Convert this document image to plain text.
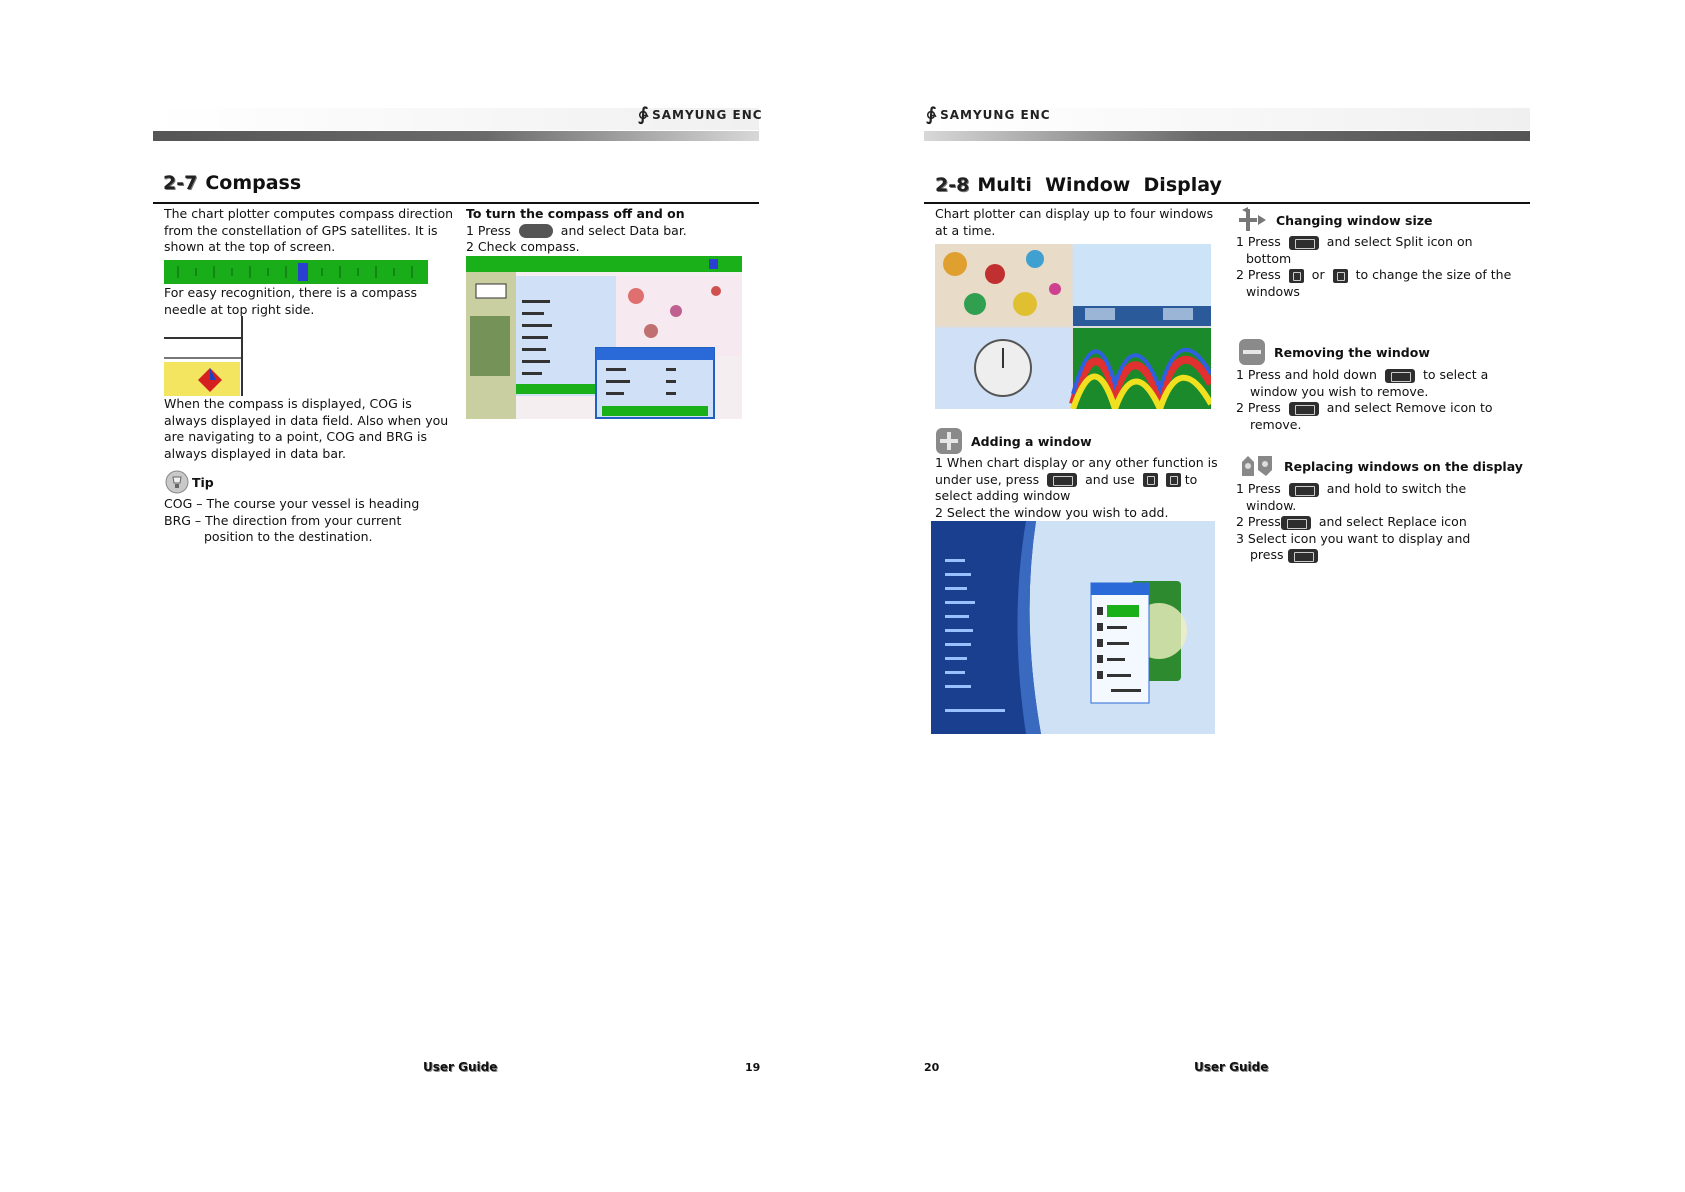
∳ SAMYUNG ENC
2-7 Compass
The chart plotter computes compass direction
from the constellation of GPS satellites. It is
shown at the top of screen.
For easy recognition, there is a compass
needle at top right side.
When the compass is displayed, COG is
always displayed in data field. Also when you
are navigating to a point, COG and BRG is
always displayed in data bar.
Tip
COG – The course your vessel is heading
BRG – The direction from your current
position to the destination.
To turn the compass off and on
1 Press	and select Data bar.
2 Check compass.
User Guide	19
∳ SAMYUNG ENC
2-8 Multi  Window  Display
Chart plotter can display up to four windows
at a time.
Adding a window
1 When chart display or any other function is
under use, press	and use	to
select adding window
2 Select the window you wish to add.
Changing window size
1 Press	and select Split icon on
bottom
2 Press or to change the size of the
windows
Removing the window
1 Press and hold down	to select a
window you wish to remove.
2 Press	and select Remove icon to
remove.
Replacing windows on the display
1 Press	and hold to switch the
window.
2 Press	and select Replace icon
3 Select icon you want to display and
press
20	User Guide
